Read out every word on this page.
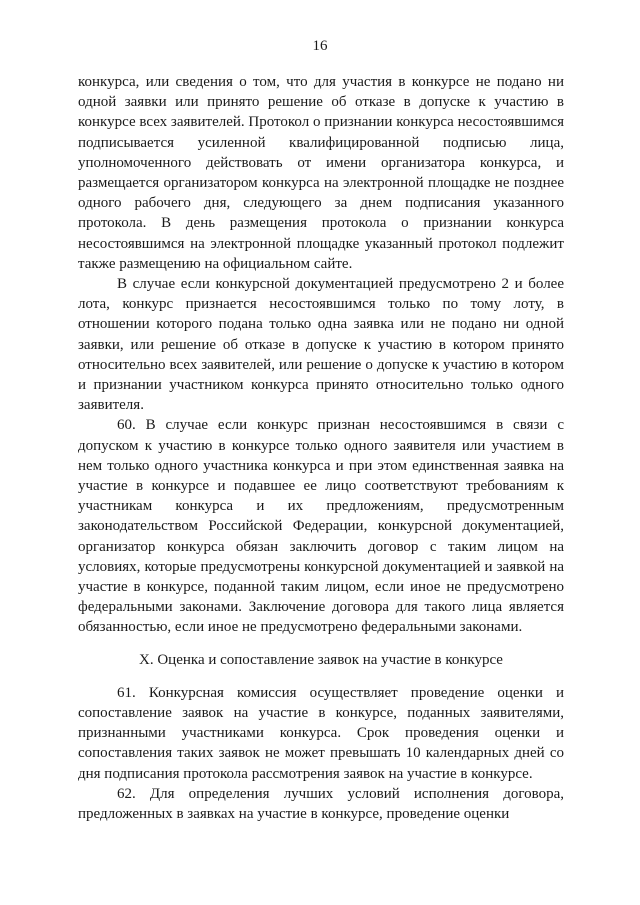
16

конкурса, или сведения о том, что для участия в конкурсе не подано ни одной заявки или принято решение об отказе в допуске к участию в конкурсе всех заявителей. Протокол о признании конкурса несостоявшимся подписывается усиленной квалифицированной подписью лица, уполномоченного действовать от имени организатора конкурса, и размещается организатором конкурса на электронной площадке не позднее одного рабочего дня, следующего за днем подписания указанного протокола. В день размещения протокола о признании конкурса несостоявшимся на электронной площадке указанный протокол подлежит также размещению на официальном сайте.

В случае если конкурсной документацией предусмотрено 2 и более лота, конкурс признается несостоявшимся только по тому лоту, в отношении которого подана только одна заявка или не подано ни одной заявки, или решение об отказе в допуске к участию в котором принято относительно всех заявителей, или решение о допуске к участию в котором и признании участником конкурса принято относительно только одного заявителя.

60. В случае если конкурс признан несостоявшимся в связи с допуском к участию в конкурсе только одного заявителя или участием в нем только одного участника конкурса и при этом единственная заявка на участие в конкурсе и подавшее ее лицо соответствуют требованиям к участникам конкурса и их предложениям, предусмотренным законодательством Российской Федерации, конкурсной документацией, организатор конкурса обязан заключить договор с таким лицом на условиях, которые предусмотрены конкурсной документацией и заявкой на участие в конкурсе, поданной таким лицом, если иное не предусмотрено федеральными законами. Заключение договора для такого лица является обязанностью, если иное не предусмотрено федеральными законами.

X. Оценка и сопоставление заявок на участие в конкурсе

61. Конкурсная комиссия осуществляет проведение оценки и сопоставление заявок на участие в конкурсе, поданных заявителями, признанными участниками конкурса. Срок проведения оценки и сопоставления таких заявок не может превышать 10 календарных дней со дня подписания протокола рассмотрения заявок на участие в конкурсе.

62. Для определения лучших условий исполнения договора, предложенных в заявках на участие в конкурсе, проведение оценки
